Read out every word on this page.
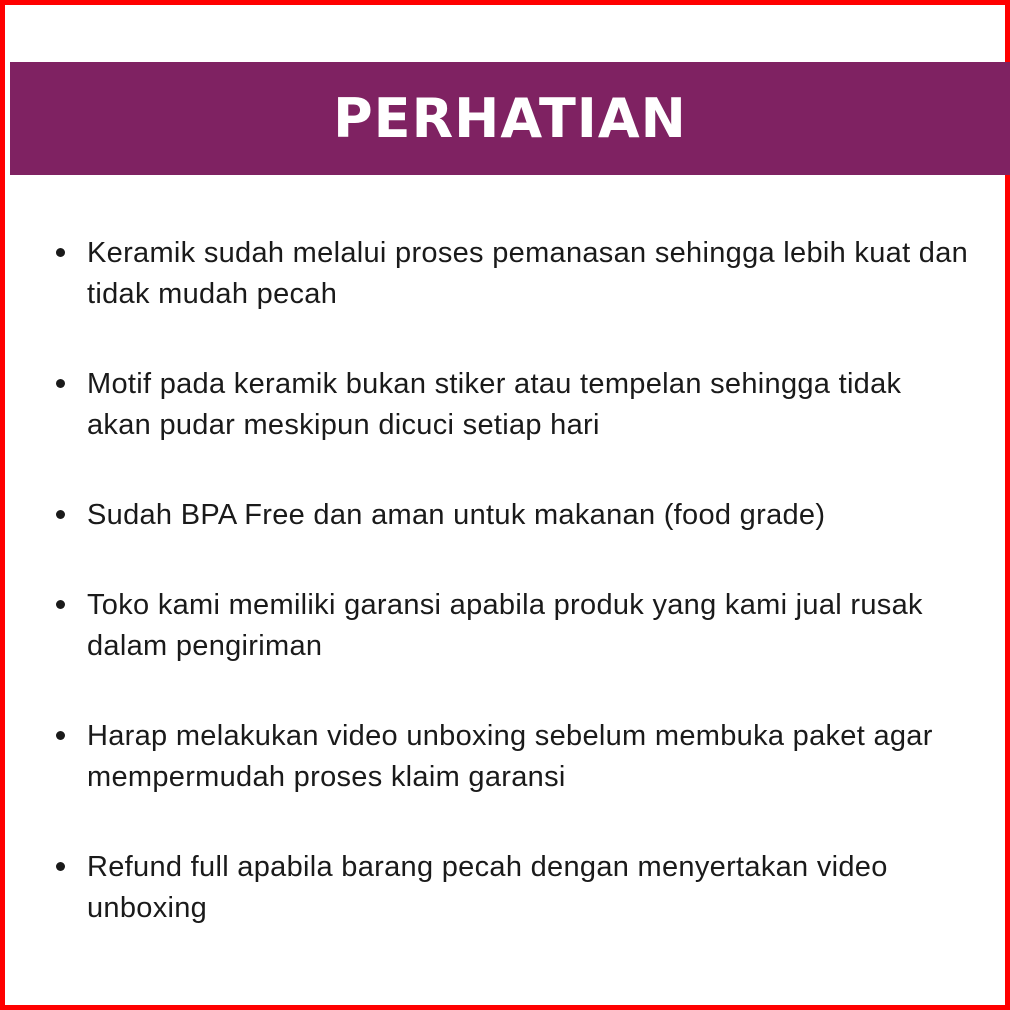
PERHATIAN
Keramik sudah melalui proses pemanasan sehingga lebih kuat dan tidak mudah pecah
Motif pada keramik bukan stiker atau tempelan sehingga tidak akan pudar meskipun dicuci setiap hari
Sudah BPA Free dan aman untuk makanan (food grade)
Toko kami memiliki garansi apabila produk yang kami jual rusak dalam pengiriman
Harap melakukan video unboxing sebelum membuka paket agar mempermudah proses klaim garansi
Refund full apabila barang pecah dengan menyertakan video unboxing
